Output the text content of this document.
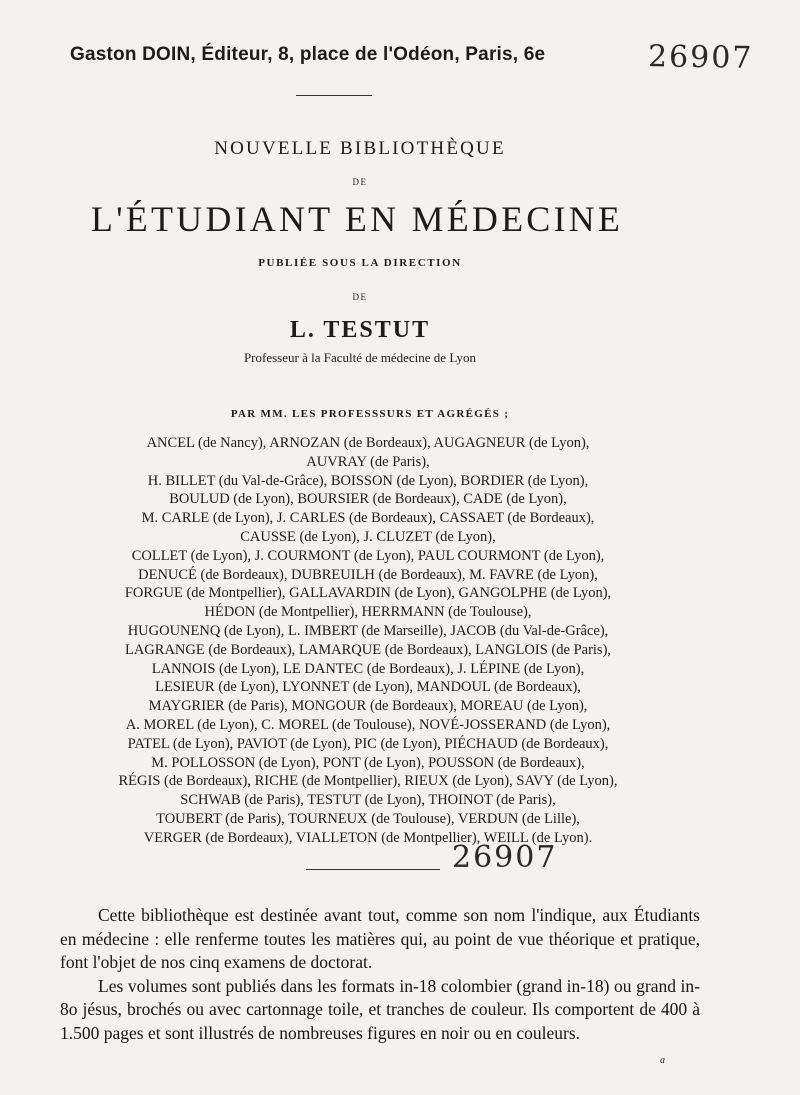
Gaston DOIN, Éditeur, 8, place de l'Odéon, Paris, 6e	26907
NOUVELLE BIBLIOTHÈQUE
DE
L'ÉTUDIANT EN MÉDECINE
PUBLIÉE SOUS LA DIRECTION
DE
L. TESTUT
Professeur à la Faculté de médecine de Lyon
PAR MM. LES PROFESSSURS ET AGRÉGÉS ;
ANCEL (de Nancy), ARNOZAN (de Bordeaux), AUGAGNEUR (de Lyon),
AUVRAY (de Paris),
H. BILLET (du Val-de-Grâce), BOISSON (de Lyon), BORDIER (de Lyon),
BOULUD (de Lyon), BOURSIER (de Bordeaux), CADE (de Lyon),
M. CARLE (de Lyon), J. CARLES (de Bordeaux), CASSAET (de Bordeaux),
CAUSSE (de Lyon), J. CLUZET (de Lyon),
COLLET (de Lyon), J. COURMONT (de Lyon), PAUL COURMONT (de Lyon),
DENUCÉ (de Bordeaux), DUBREUILH (de Bordeaux), M. FAVRE (de Lyon),
FORGUE (de Montpellier), GALLAVARDIN (de Lyon), GANGOLPHE (de Lyon),
HÉDON (de Montpellier), HERRMANN (de Toulouse),
HUGOUNENQ (de Lyon), L. IMBERT (de Marseille), JACOB (du Val-de-Grâce),
LAGRANGE (de Bordeaux), LAMARQUE (de Bordeaux), LANGLOIS (de Paris),
LANNOIS (de Lyon), LE DANTEC (de Bordeaux), J. LÉPINE (de Lyon),
LESIEUR (de Lyon), LYONNET (de Lyon), MANDOUL (de Bordeaux),
MAYGRIER (de Paris), MONGOUR (de Bordeaux), MOREAU (de Lyon),
A. MOREL (de Lyon), C. MOREL (de Toulouse), NOVÉ-JOSSERAND (de Lyon),
PATEL (de Lyon), PAVIOT (de Lyon), PIC (de Lyon), PIÉCHAUD (de Bordeaux),
M. POLLOSSON (de Lyon), PONT (de Lyon), POUSSON (de Bordeaux),
RÉGIS (de Bordeaux), RICHE (de Montpellier), RIEUX (de Lyon), SAVY (de Lyon),
SCHWAB (de Paris), TESTUT (de Lyon), THOINOT (de Paris),
TOUBERT (de Paris), TOURNEUX (de Toulouse), VERDUN (de Lille),
VERGER (de Bordeaux), VIALLETON (de Montpellier), WEILL (de Lyon).
26907

Cette bibliothèque est destinée avant tout, comme son nom l'indique, aux Étudiants en médecine : elle renferme toutes les matières qui, au point de vue théorique et pratique, font l'objet de nos cinq examens de doctorat.

Les volumes sont publiés dans les formats in-18 colombier (grand in-18) ou grand in-8o jésus, brochés ou avec cartonnage toile, et tranches de couleur. Ils comportent de 400 à 1.500 pages et sont illustrés de nombreuses figures en noir ou en couleurs.

a
